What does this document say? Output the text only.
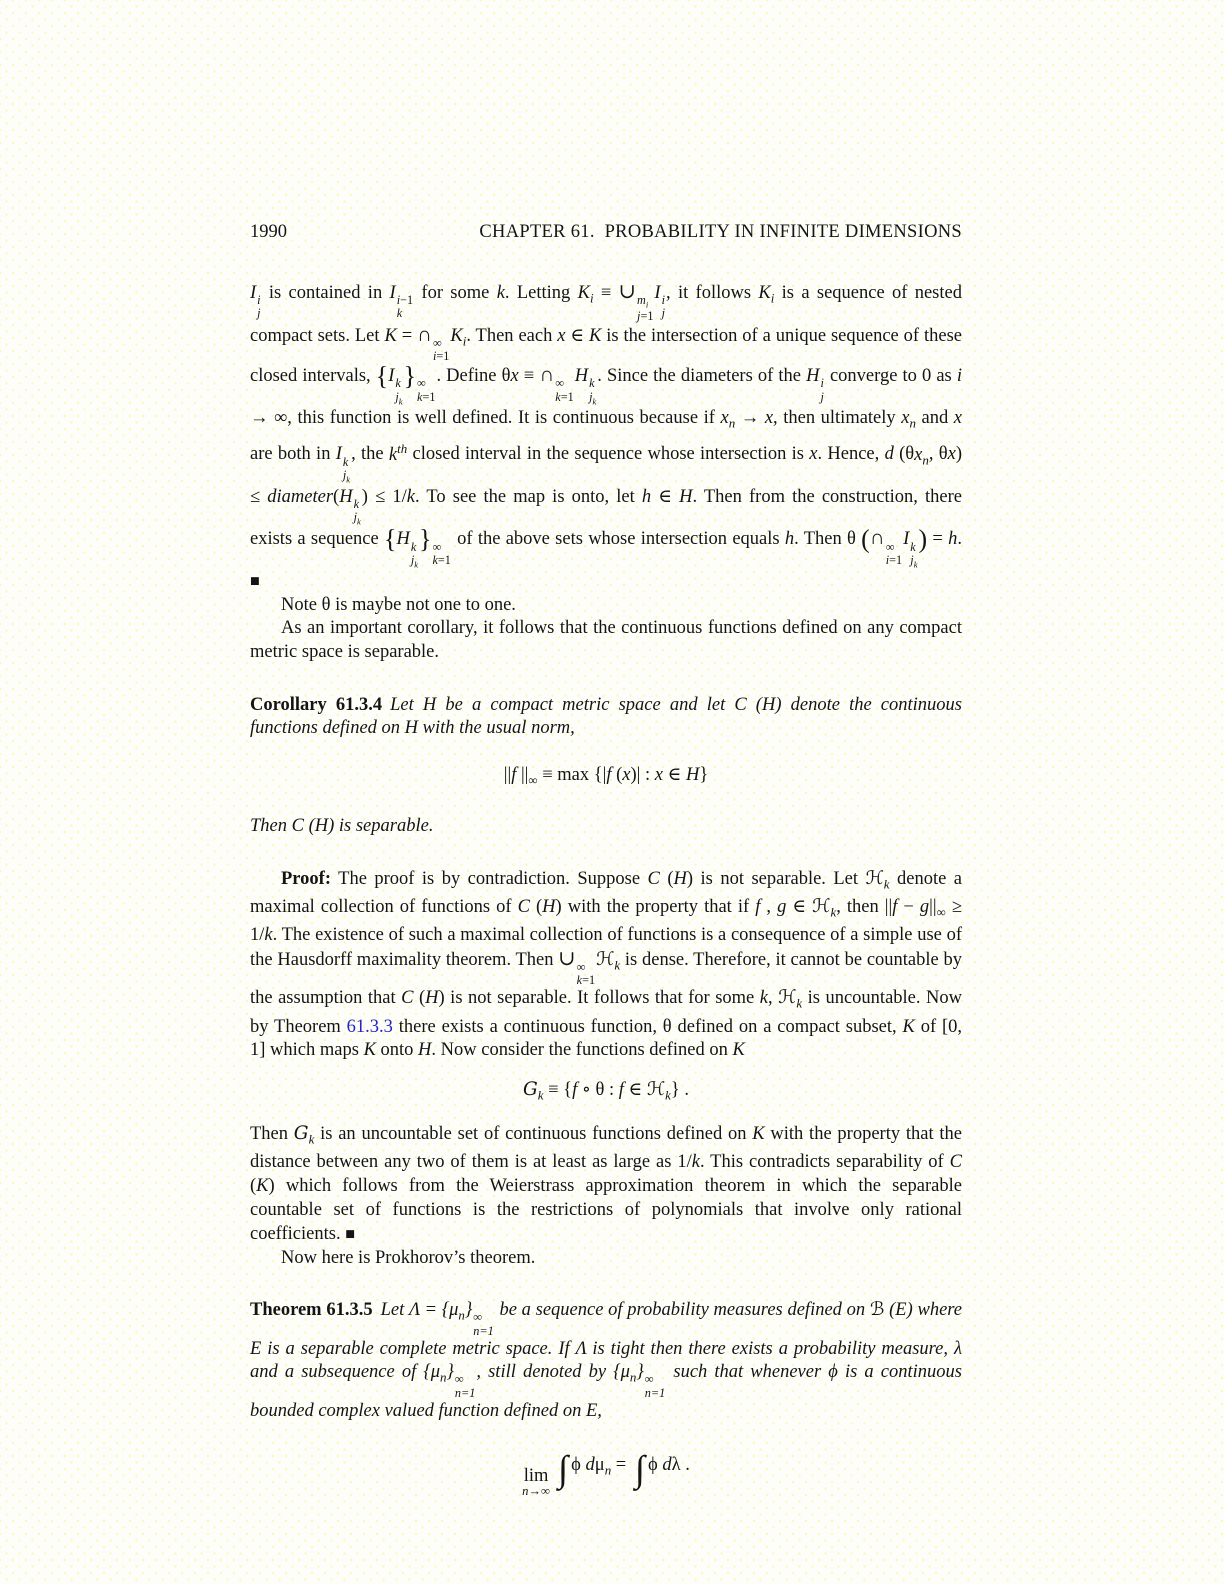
1990	CHAPTER 61.  PROBABILITY IN INFINITE DIMENSIONS

I i
j
is contained in I i−1
k
for some k. Letting $K_i$ ≡ ∪ $m_i$
j=1
I i
j
, it follows $K_i$ is a sequence of nested compact sets. Let K = ∩ ∞
i=1
$K_i$. Then each x ∈ K is the intersection of a unique sequence of these closed intervals, {I k
$j_k$
} ∞
k=1
. Define θx ≡ ∩ ∞
k=1
H k
$j_k$
. Since the diameters of the H i
j
converge to 0 as i → ∞, this function is well defined. It is continuous because if $x_n \to x$, then ultimately $x_n$ and x are both in I k
$j_k$
, the $k^{th}$ closed interval in the sequence whose intersection is x. Hence, d ($\theta x_n$, θx) ≤ diameter(H k
$j_k$
) ≤ 1/k. To see the map is onto, let h ∈ H. Then from the construction, there exists a sequence {H k
$j_k$
} ∞
k=1
of the above sets whose intersection equals h. Then θ (∩ ∞
i=1
I k
$j_k$
) = h. ■

Note θ is maybe not one to one.

As an important corollary, it follows that the continuous functions defined on any compact metric space is separable.

Corollary 61.3.4 Let H be a compact metric space and let C (H) denote the continuous functions defined on H with the usual norm,

||f $||_\infty \equiv \max \{|f$ (x)| : x ∈ H}

Then C (H) is separable.

Proof: The proof is by contradiction. Suppose C (H) is not separable. Let ℋ$_k$ denote a maximal collection of functions of C (H) with the property that if f , g ∈ ℋ$_k$, then $||f - g||_\infty \ge 1/k$. The existence of such a maximal collection of functions is a consequence of a simple use of the Hausdorff maximality theorem. Then ∪ ∞
k=1
ℋ$_k$ is dense. Therefore, it cannot be countable by the assumption that C (H) is not separable. It follows that for some k, ℋ$_k$ is uncountable. Now by Theorem 61.3.3 there exists a continuous function, θ defined on a compact subset, K of [0, 1] which maps K onto H. Now consider the functions defined on K

$G_k \equiv \{f$ ∘ θ : f ∈ ℋ$_k$} .

Then $G_k$ is an uncountable set of continuous functions defined on K with the property that the distance between any two of them is at least as large as 1/k. This contradicts separability of C (K) which follows from the Weierstrass approximation theorem in which the separable countable set of functions is the restrictions of polynomials that involve only rational coefficients. ■

Now here is Prokhorov’s theorem.

Theorem 61.3.5 Let $\Lambda = \{\mu_n\}$ ∞
n=1
be a sequence of probability measures defined on ℬ (E) where E is a separable complete metric space. If Λ is tight then there exists a probability measure, λ and a subsequence of $\{\mu_n\}$ ∞
n=1
, still denoted by $\{\mu_n\}$ ∞
n=1
such that whenever ϕ is a continuous bounded complex valued function defined on E,

lim
n→∞
∫ ϕ $d\mu_n$ = ∫ ϕ dλ .
